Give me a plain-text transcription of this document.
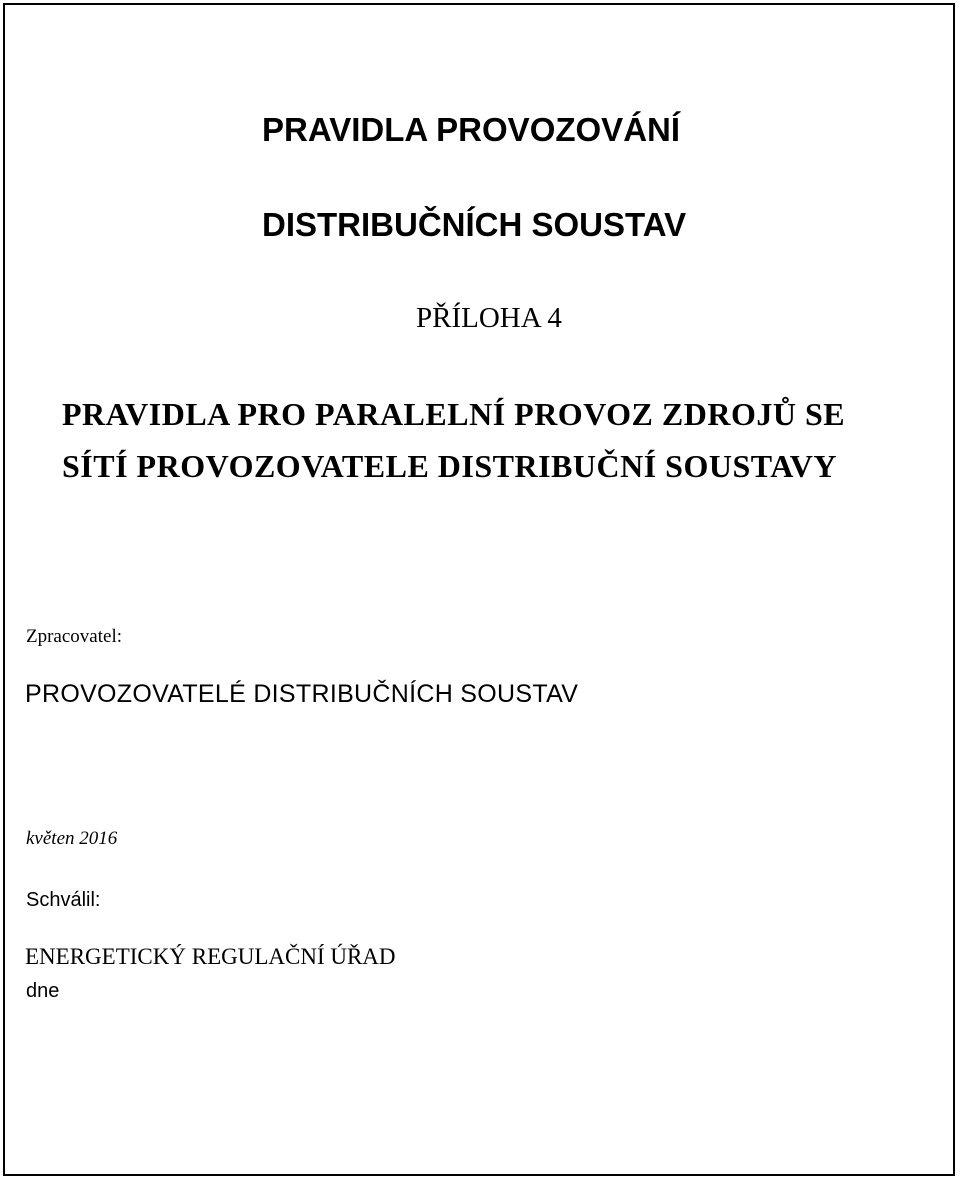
PRAVIDLA PROVOZOVÁNÍ
DISTRIBUČNÍCH SOUSTAV
PŘÍLOHA 4
PRAVIDLA PRO PARALELNÍ PROVOZ ZDROJŮ SE
SÍTÍ PROVOZOVATELE DISTRIBUČNÍ SOUSTAVY
Zpracovatel:
PROVOZOVATELÉ DISTRIBUČNÍCH SOUSTAV
květen 2016
Schválil:
ENERGETICKÝ REGULAČNÍ ÚŘAD
dne
